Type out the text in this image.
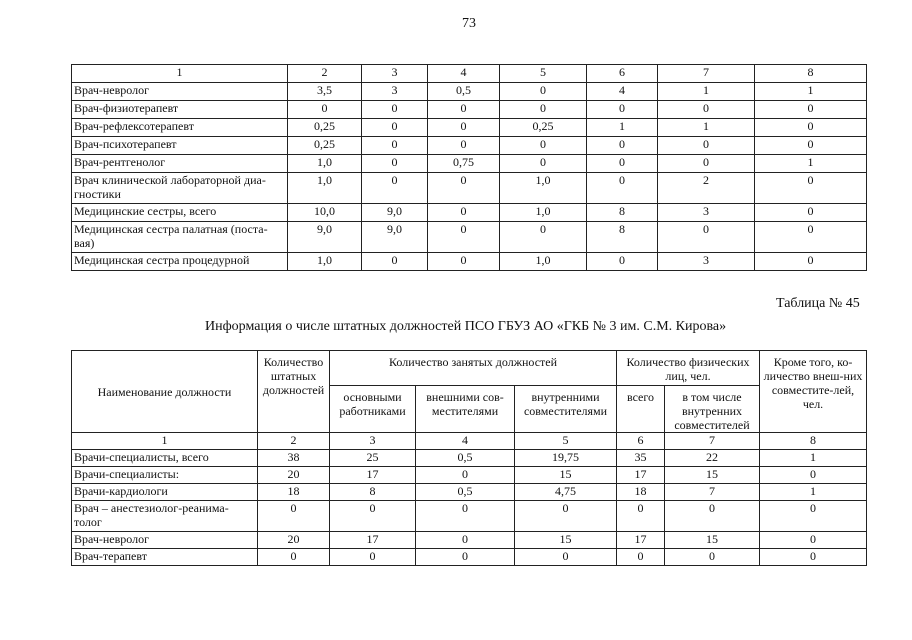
73
1	2	3	4	5	6	7	8
Врач-невролог	3,5	3	0,5	0	4	1	1
Врач-физиотерапевт	0	0	0	0	0	0	0
Врач-рефлексотерапевт	0,25	0	0	0,25	1	1	0
Врач-психотерапевт	0,25	0	0	0	0	0	0
Врач-рентгенолог	1,0	0	0,75	0	0	0	1
Врач клинической лабораторной диа-гностики	1,0	0	0	1,0	0	2	0
Медицинские сестры, всего	10,0	9,0	0	1,0	8	3	0
Медицинская сестра палатная (поста-вая)	9,0	9,0	0	0	8	0	0
Медицинская сестра процедурной	1,0	0	0	1,0	0	3	0
Таблица № 45
Информация о числе штатных должностей ПСО ГБУЗ АО «ГКБ № 3 им. С.М. Кирова»
Наименование должности	Количество штатных должностей	Количество занятых должностей			Количество физических лиц, чел.		Кроме того, ко-личество внеш-них совместите-лей, чел.
		основными работниками	внешними сов-местителями	внутренними совместителями	всего	в том числе внутренних совместителей	
1	2	3	4	5	6	7	8
Врачи-специалисты, всего	38	25	0,5	19,75	35	22	1
Врачи-специалисты:	20	17	0	15	17	15	0
Врачи-кардиологи	18	8	0,5	4,75	18	7	1
Врач – анестезиолог-реанима-толог	0	0	0	0	0	0	0
Врач-невролог	20	17	0	15	17	15	0
Врач-терапевт	0	0	0	0	0	0	0
